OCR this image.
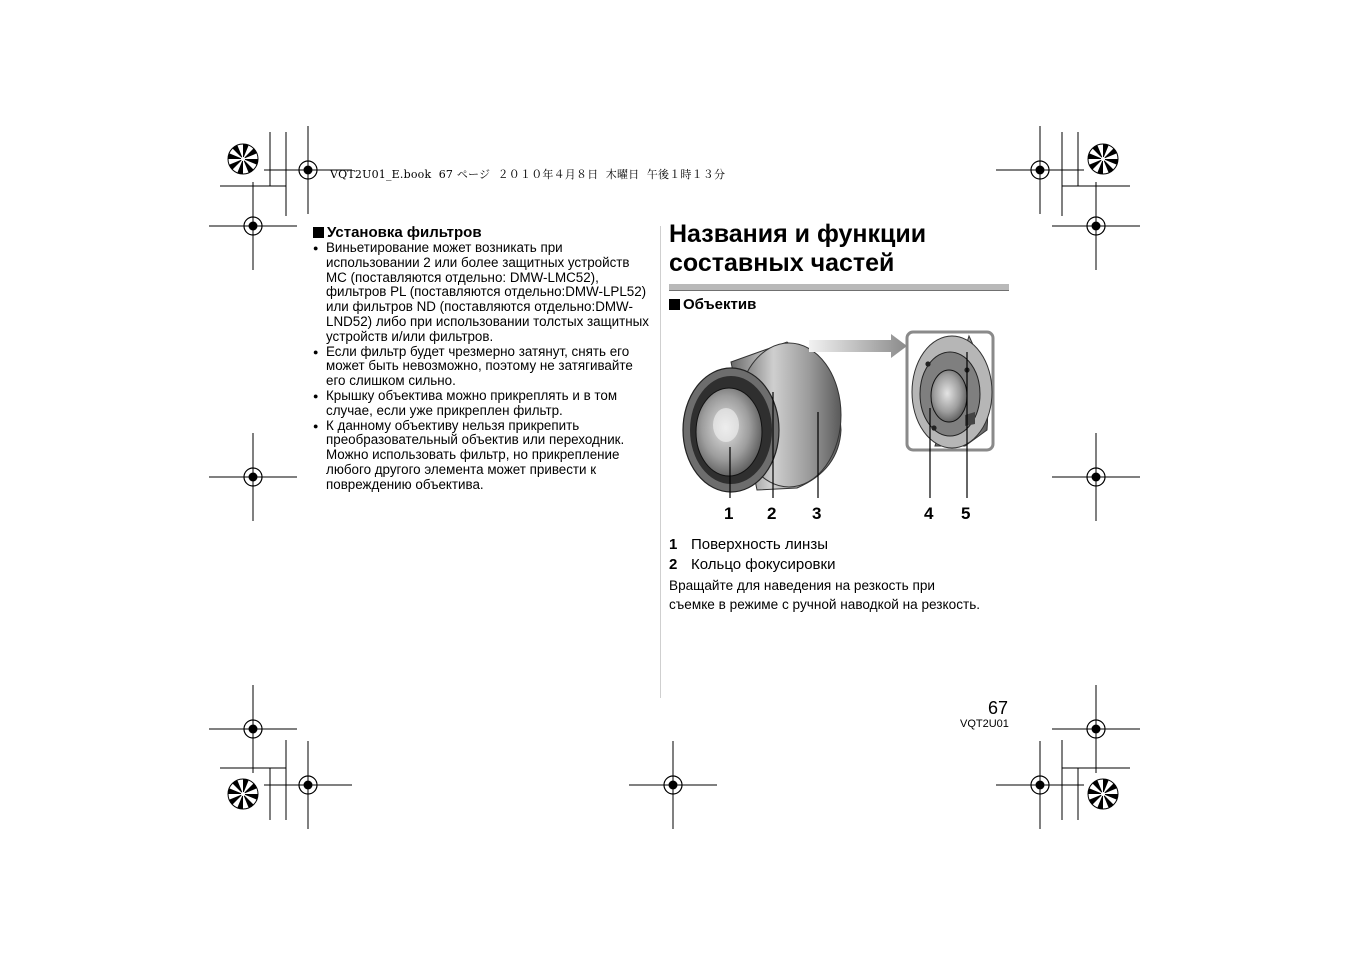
VQT2U01_E.book  67 ページ  ２０１０年４月８日  木曜日  午後１時１３分
Установка фильтров
● Виньетирование может возникать при использовании 2 или более защитных устройств MC (поставляются отдельно: DMW-LMC52), фильтров PL (поставляются отдельно:DMW-LPL52) или фильтров ND (поставляются отдельно:DMW-LND52) либо при использовании толстых защитных устройств и/или фильтров.
● Если фильтр будет чрезмерно затянут, снять его может быть невозможно, поэтому не затягивайте его слишком сильно.
● Крышку объектива можно прикреплять и в том случае, если уже прикреплен фильтр.
● К данному объективу нельзя прикрепить преобразовательный объектив или переходник. Можно использовать фильтр, но прикрепление любого другого элемента может привести к повреждению объектива.
Названия и функции
составных частей
Объектив
1 2 3	4 5
1 Поверхность линзы
2 Кольцо фокусировки
Вращайте для наведения на резкость при
съемке в режиме с ручной наводкой на резкость.
67
VQT2U01
